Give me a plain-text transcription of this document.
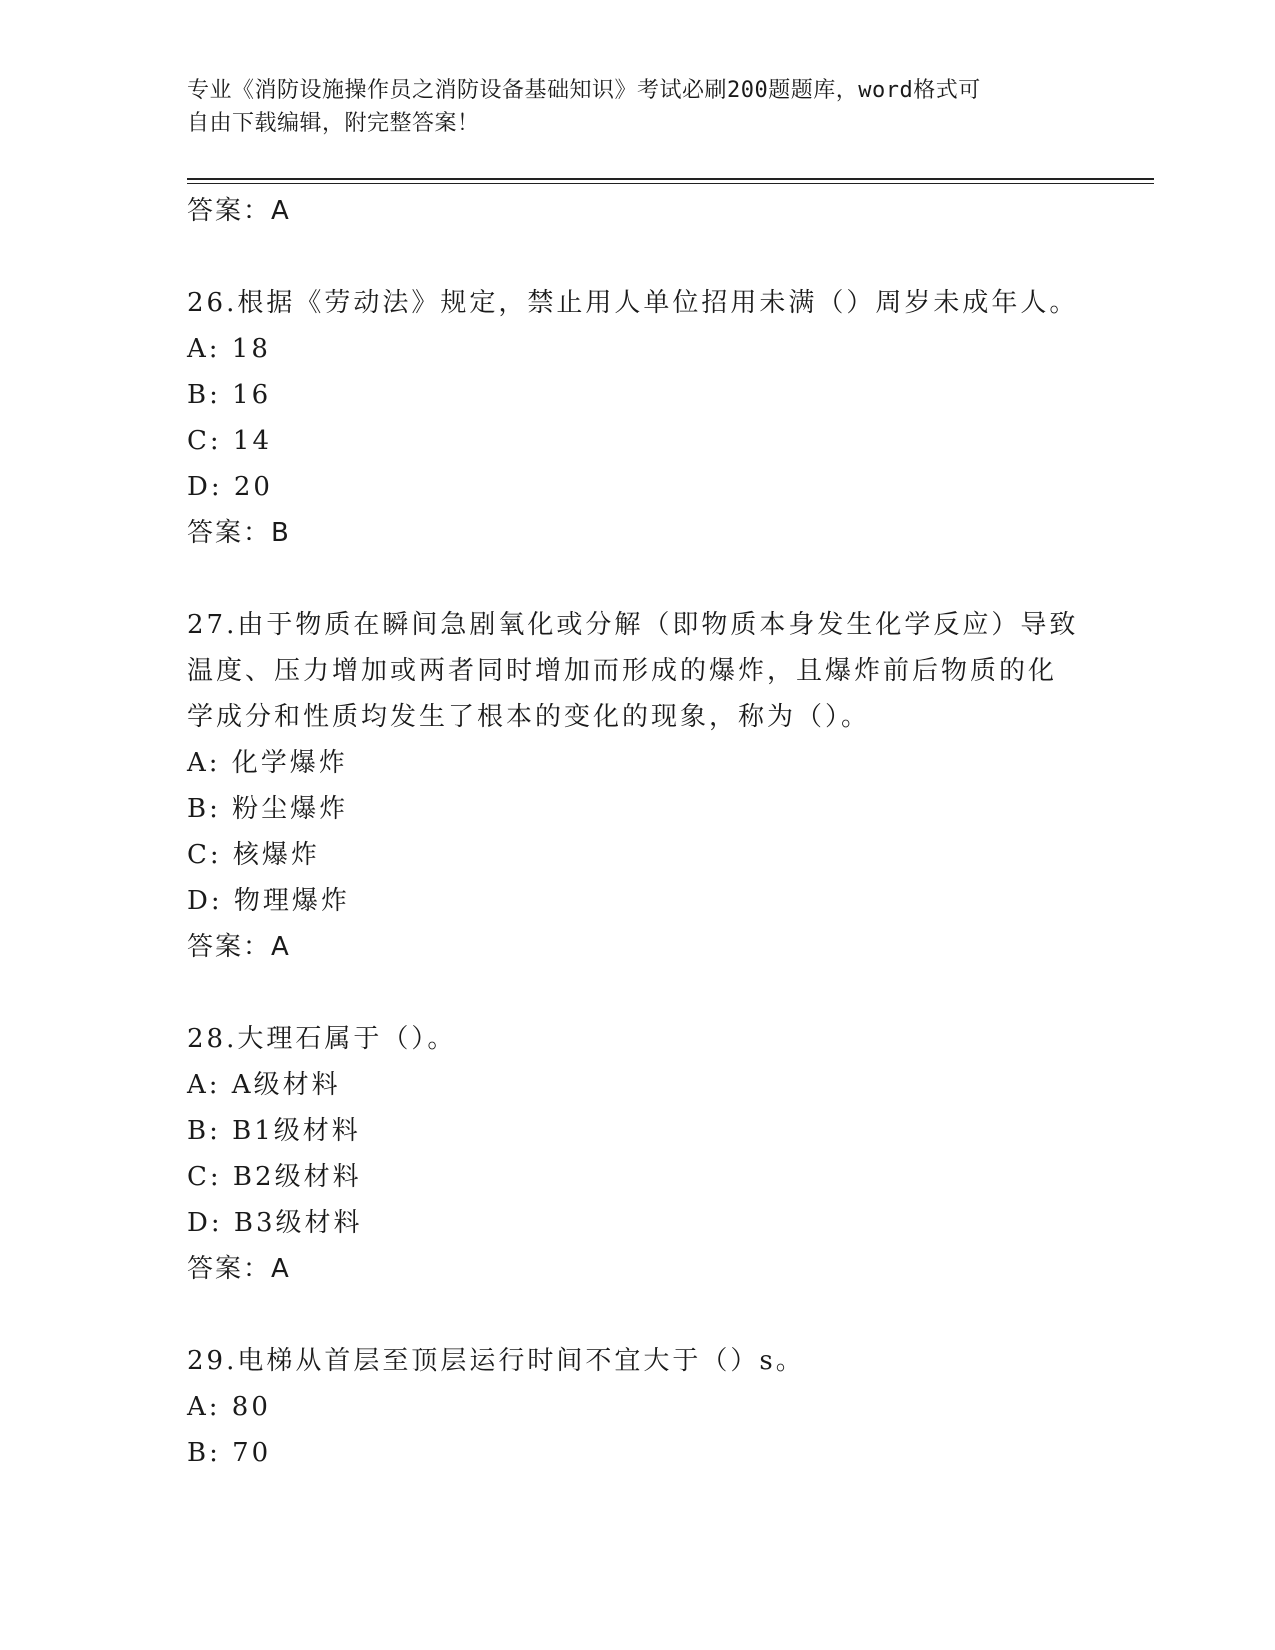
专业《消防设施操作员之消防设备基础知识》考试必刷200题题库，word格式可
自由下载编辑，附完整答案！
答案：A
26.根据《劳动法》规定，禁止用人单位招用未满（）周岁未成年人。
A: 18
B: 16
C: 14
D: 20
答案：B
27.由于物质在瞬间急剧氧化或分解（即物质本身发生化学反应）导致
温度、压力增加或两者同时增加而形成的爆炸，且爆炸前后物质的化
学成分和性质均发生了根本的变化的现象，称为（）。
A: 化学爆炸
B: 粉尘爆炸
C: 核爆炸
D: 物理爆炸
答案：A
28.大理石属于（）。
A: A级材料
B: B1级材料
C: B2级材料
D: B3级材料
答案：A
29.电梯从首层至顶层运行时间不宜大于（）s。
A: 80
B: 70
